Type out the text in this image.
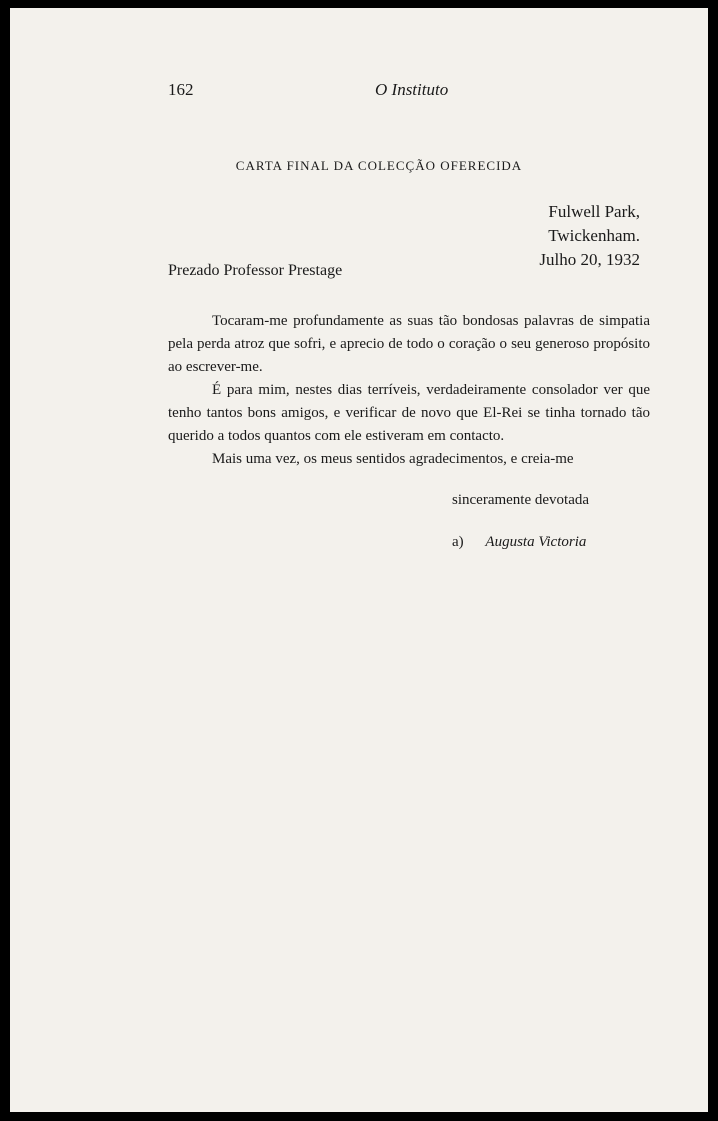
162	O Instituto
CARTA FINAL DA COLECÇÃO OFERECIDA
Fulwell Park,
Twickenham.
Julho 20, 1932
Prezado Professor Prestage

Tocaram-me profundamente as suas tão bondosas palavras de simpatia pela perda atroz que sofri, e aprecio de todo o coração o seu generoso propósito ao escrever-me.

É para mim, nestes dias terríveis, verdadeiramente consolador ver que tenho tantos bons amigos, e verificar de novo que El-Rei se tinha tornado tão querido a todos quantos com ele estiveram em contacto.

Mais uma vez, os meus sentidos agradecimentos, e creia-me

sinceramente devotada
a) Augusta Victoria
